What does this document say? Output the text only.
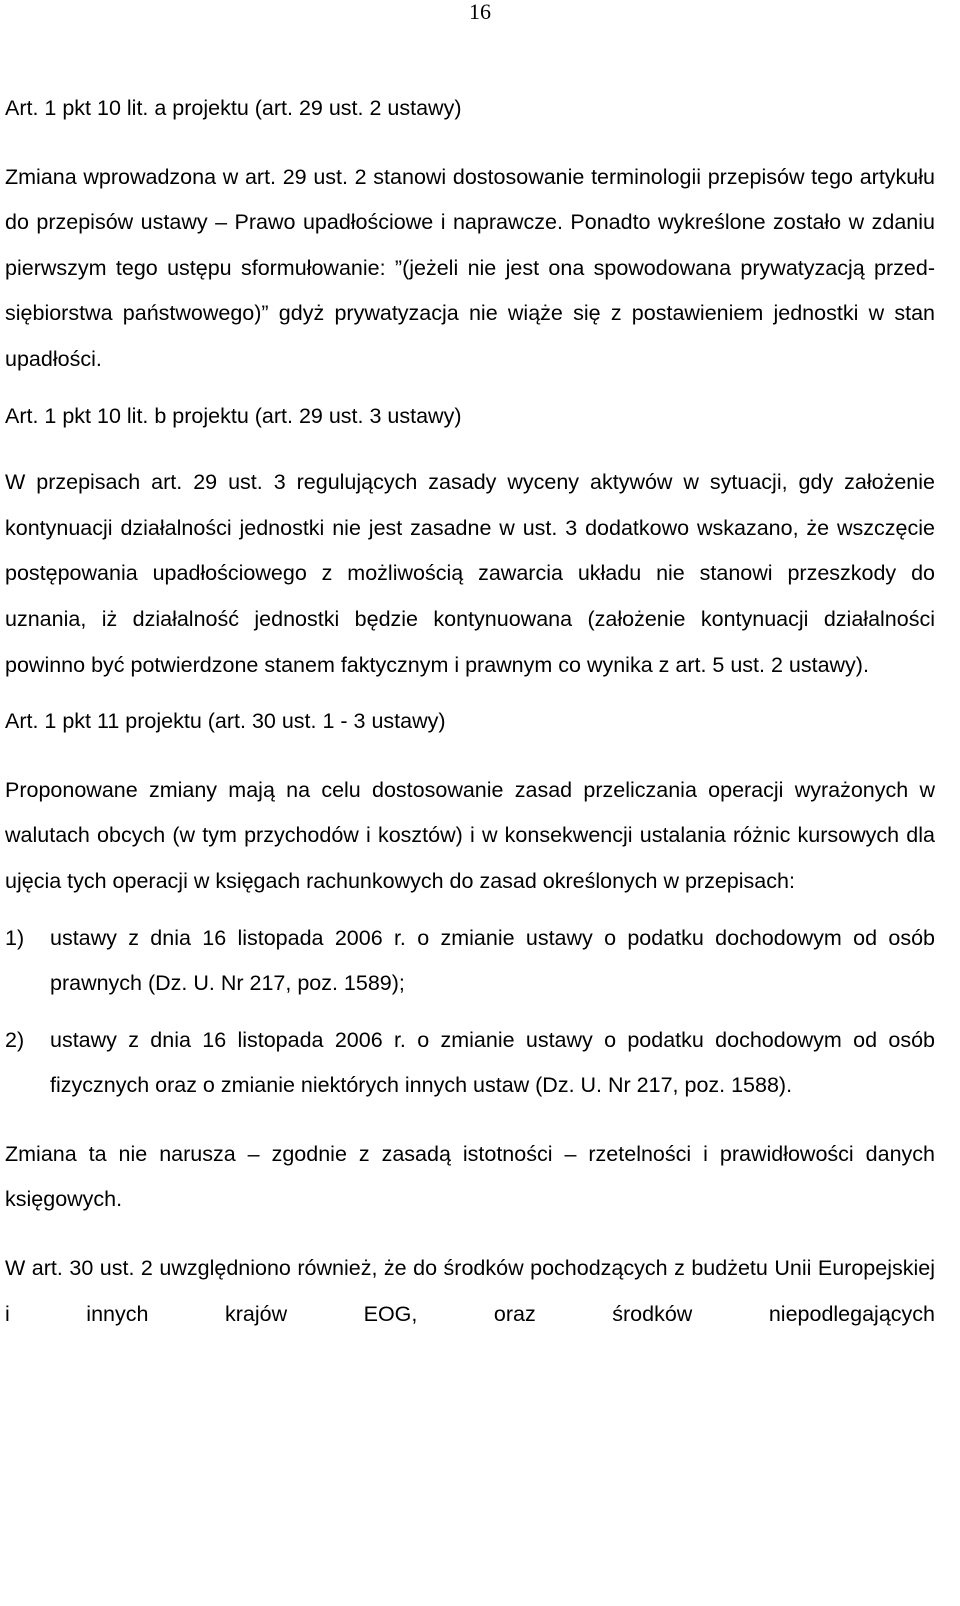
16

Art. 1 pkt 10 lit. a projektu (art. 29 ust. 2 ustawy)

Zmiana wprowadzona w art. 29 ust. 2 stanowi dostosowanie terminologii przepisów tego artykułu do przepisów ustawy – Prawo upadłościowe i naprawcze. Ponadto wykreślone zostało w zdaniu pierwszym tego ustępu sformułowanie: ”(jeżeli nie jest ona spowodowana prywatyzacją przedsiębiorstwa państwowego)” gdyż prywatyzacja nie wiąże się z postawieniem jednostki w stan upadłości.

Art. 1 pkt 10 lit. b projektu (art. 29 ust. 3 ustawy)

W przepisach art. 29 ust. 3 regulujących zasady wyceny aktywów w sytuacji, gdy założenie kontynuacji działalności jednostki nie jest zasadne w ust. 3 dodatkowo wskazano, że wszczęcie postępowania upadłościowego z możliwością zawarcia układu nie stanowi przeszkody do uznania, iż działalność jednostki będzie kontynuowana (założenie kontynuacji działalności powinno być potwierdzone stanem faktycznym i prawnym co wynika z art. 5 ust. 2 ustawy).

Art. 1 pkt 11 projektu (art. 30 ust. 1 - 3 ustawy)

Proponowane zmiany mają na celu dostosowanie zasad przeliczania operacji wyrażonych w walutach obcych (w tym przychodów i kosztów) i w konsekwencji ustalania różnic kursowych dla ujęcia tych operacji w księgach rachunkowych do zasad określonych w przepisach:

1)	ustawy z dnia 16 listopada 2006 r. o zmianie ustawy o podatku dochodowym od osób prawnych (Dz. U. Nr 217, poz. 1589);
2)	ustawy z dnia 16 listopada 2006 r. o zmianie ustawy o podatku dochodowym od osób fizycznych oraz o zmianie niektórych innych ustaw (Dz. U. Nr 217, poz. 1588).

Zmiana ta nie narusza – zgodnie z zasadą istotności – rzetelności i prawidłowości danych księgowych.

W art. 30 ust. 2 uwzględniono również, że do środków pochodzących z budżetu Unii Europejskiej i innych krajów EOG, oraz środków niepodlegających
